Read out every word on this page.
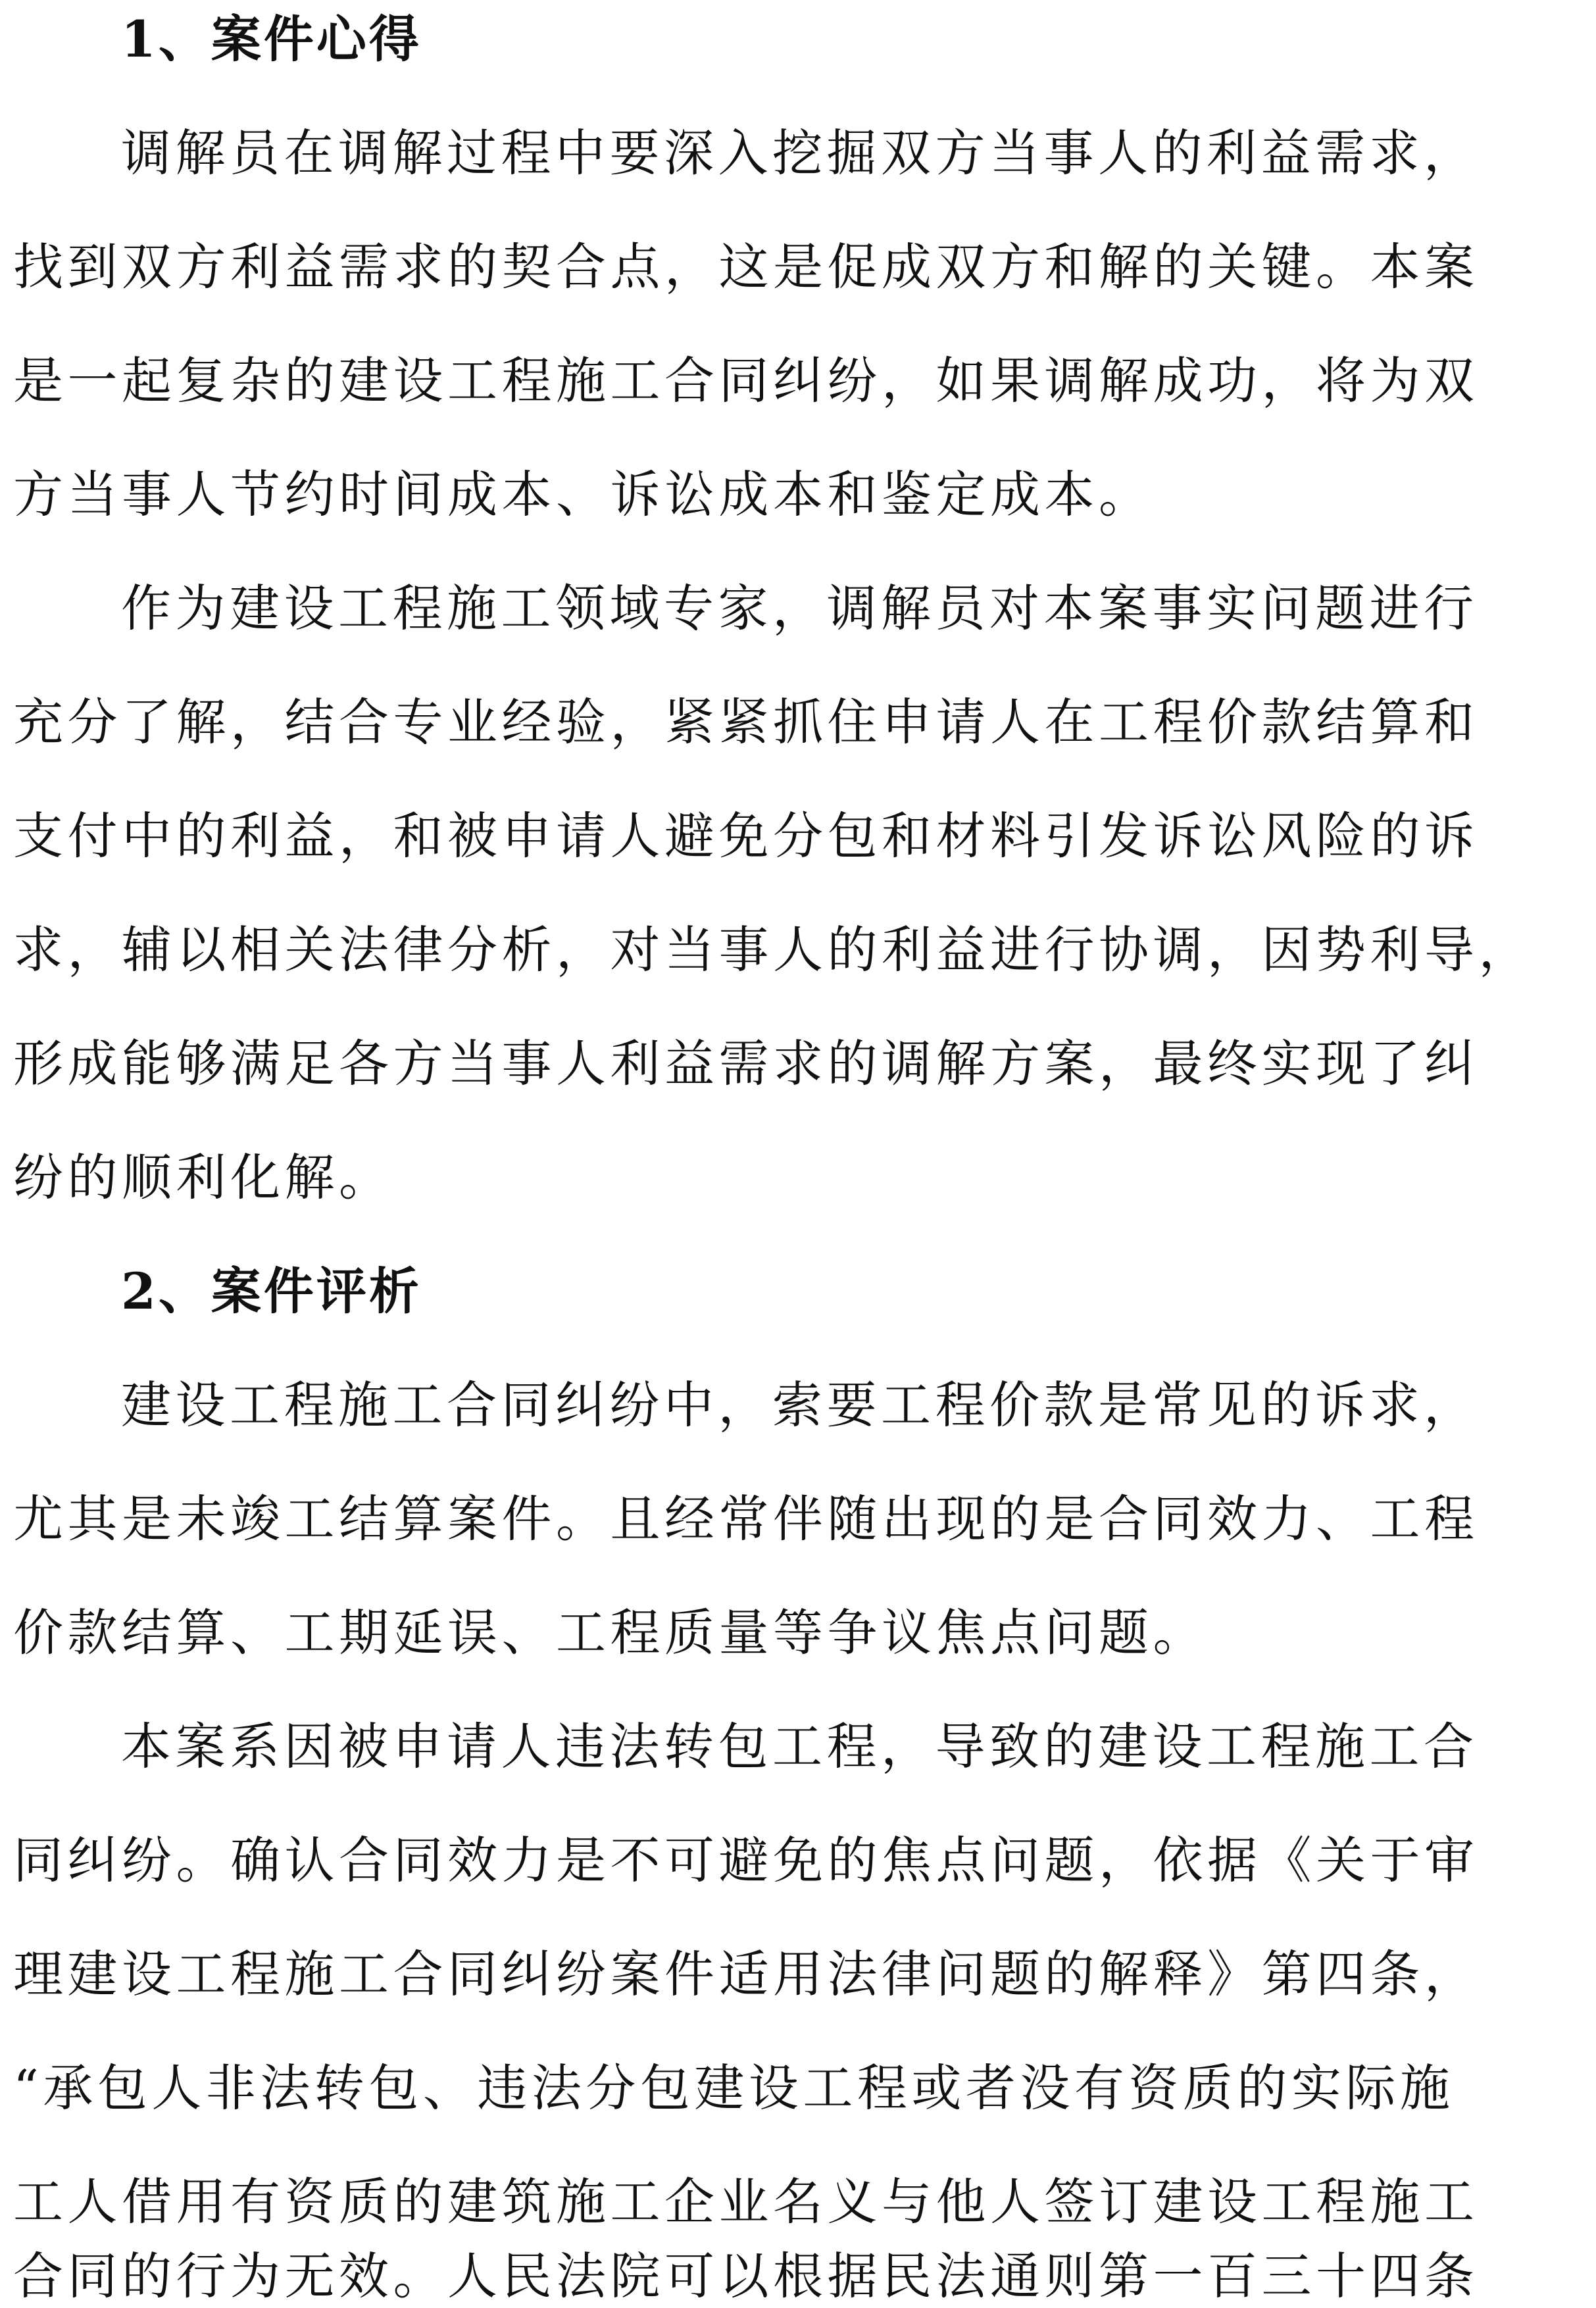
1、案件心得
调解员在调解过程中要深入挖掘双方当事人的利益需求，
找到双方利益需求的契合点，这是促成双方和解的关键。本案
是一起复杂的建设工程施工合同纠纷，如果调解成功，将为双
方当事人节约时间成本、诉讼成本和鉴定成本。
作为建设工程施工领域专家，调解员对本案事实问题进行
充分了解，结合专业经验，紧紧抓住申请人在工程价款结算和
支付中的利益，和被申请人避免分包和材料引发诉讼风险的诉
求，辅以相关法律分析，对当事人的利益进行协调，因势利导，
形成能够满足各方当事人利益需求的调解方案，最终实现了纠
纷的顺利化解。
2、案件评析
建设工程施工合同纠纷中，索要工程价款是常见的诉求，
尤其是未竣工结算案件。且经常伴随出现的是合同效力、工程
价款结算、工期延误、工程质量等争议焦点问题。
本案系因被申请人违法转包工程，导致的建设工程施工合
同纠纷。确认合同效力是不可避免的焦点问题，依据《关于审
理建设工程施工合同纠纷案件适用法律问题的解释》第四条，
“承包人非法转包、违法分包建设工程或者没有资质的实际施
工人借用有资质的建筑施工企业名义与他人签订建设工程施工
合同的行为无效。人民法院可以根据民法通则第一百三十四条
